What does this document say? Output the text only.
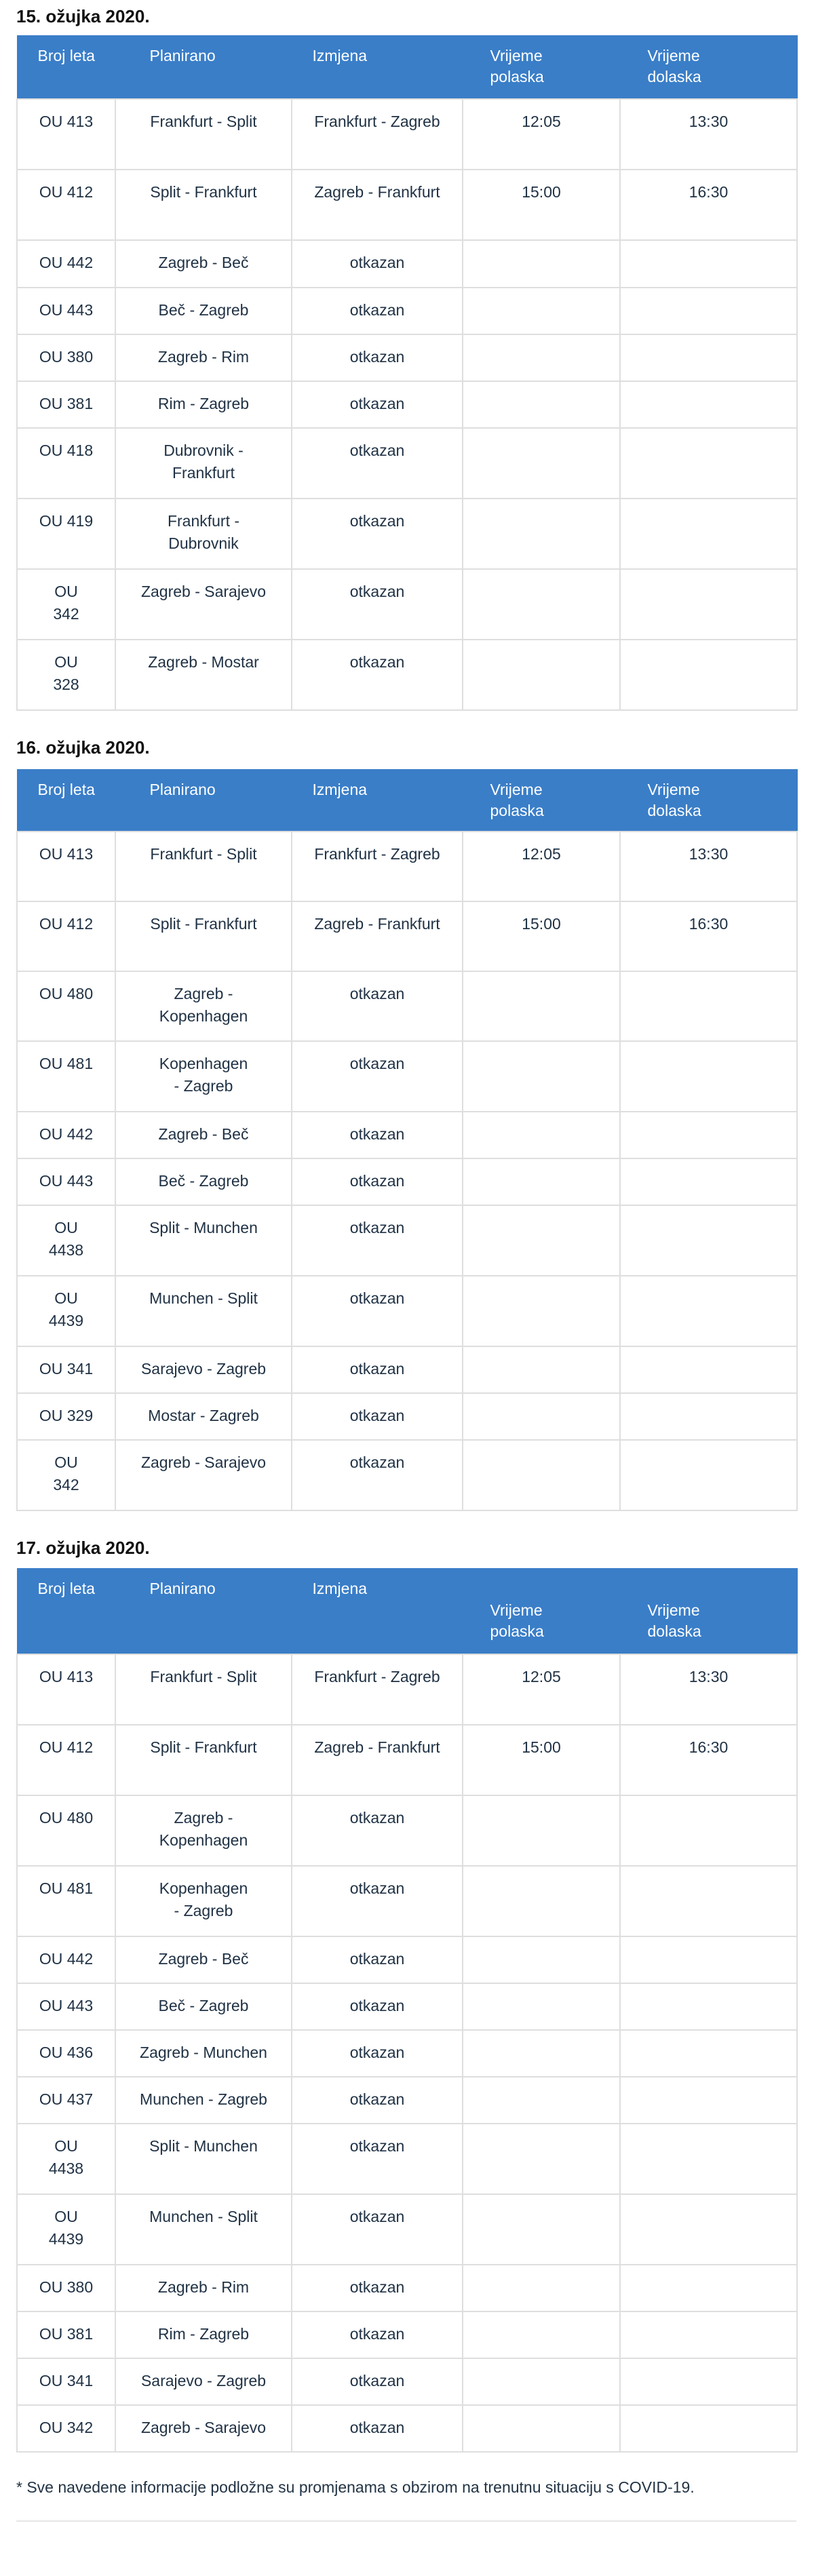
15. ožujka 2020.
Broj leta	Planirano	Izmjena	Vrijeme polaska	Vrijeme dolaska
OU 413	Frankfurt - Split	Frankfurt - Zagreb	12:05	13:30
OU 412	Split - Frankfurt	Zagreb - Frankfurt	15:00	16:30
OU 442	Zagreb - Beč	otkazan		
OU 443	Beč - Zagreb	otkazan		
OU 380	Zagreb - Rim	otkazan		
OU 381	Rim - Zagreb	otkazan		
OU 418	Dubrovnik - Frankfurt	otkazan		
OU 419	Frankfurt - Dubrovnik	otkazan		
OU 342	Zagreb - Sarajevo	otkazan		
OU 328	Zagreb - Mostar	otkazan		
16. ožujka 2020.
Broj leta	Planirano	Izmjena	Vrijeme polaska	Vrijeme dolaska
OU 413	Frankfurt - Split	Frankfurt - Zagreb	12:05	13:30
OU 412	Split - Frankfurt	Zagreb - Frankfurt	15:00	16:30
OU 480	Zagreb - Kopenhagen	otkazan		
OU 481	Kopenhagen - Zagreb	otkazan		
OU 442	Zagreb - Beč	otkazan		
OU 443	Beč - Zagreb	otkazan		
OU 4438	Split - Munchen	otkazan		
OU 4439	Munchen - Split	otkazan		
OU 341	Sarajevo - Zagreb	otkazan		
OU 329	Mostar - Zagreb	otkazan		
OU 342	Zagreb - Sarajevo	otkazan		
17. ožujka 2020.
Broj leta	Planirano	Izmjena	Vrijeme polaska	Vrijeme dolaska
OU 413	Frankfurt - Split	Frankfurt - Zagreb	12:05	13:30
OU 412	Split - Frankfurt	Zagreb - Frankfurt	15:00	16:30
OU 480	Zagreb - Kopenhagen	otkazan		
OU 481	Kopenhagen - Zagreb	otkazan		
OU 442	Zagreb - Beč	otkazan		
OU 443	Beč - Zagreb	otkazan		
OU 436	Zagreb - Munchen	otkazan		
OU 437	Munchen - Zagreb	otkazan		
OU 4438	Split - Munchen	otkazan		
OU 4439	Munchen - Split	otkazan		
OU 380	Zagreb - Rim	otkazan		
OU 381	Rim - Zagreb	otkazan		
OU 341	Sarajevo - Zagreb	otkazan		
OU 342	Zagreb - Sarajevo	otkazan		

* Sve navedene informacije podložne su promjenama s obzirom na trenutnu situaciju s COVID-19.
